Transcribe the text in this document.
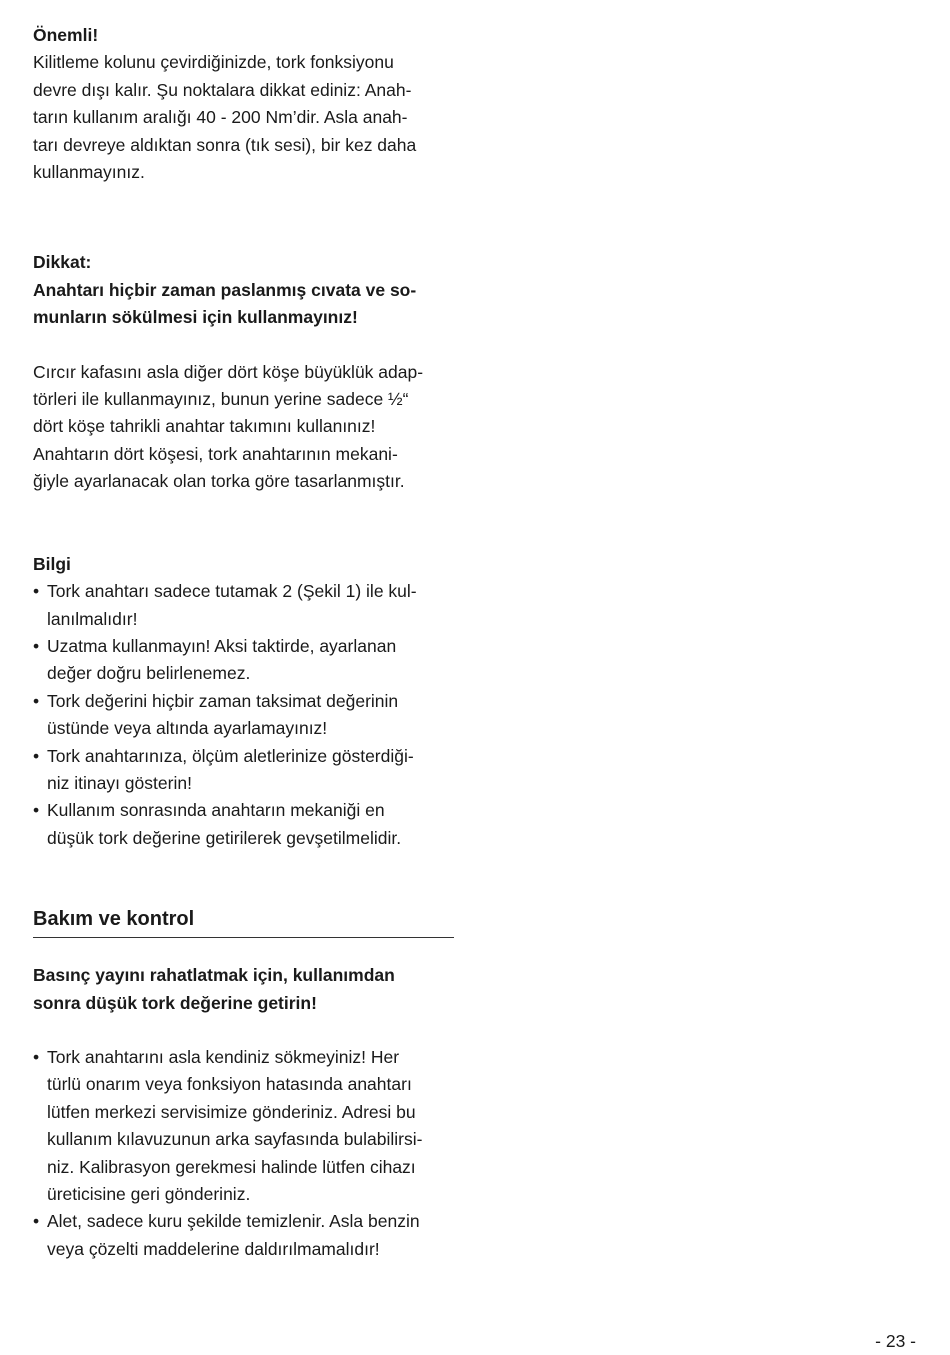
Önemli!
Kilitleme kolunu çevirdiğinizde, tork fonksiyonu
devre dışı kalır. Şu noktalara dikkat ediniz: Anah-
tarın kullanım aralığı 40 - 200 Nm’dir. Asla anah-
tarı devreye aldıktan sonra (tık sesi), bir kez daha
kullanmayınız.
Dikkat:
Anahtarı hiçbir zaman paslanmış cıvata ve so-
munların sökülmesi için kullanmayınız!
Cırcır kafasını asla diğer dört köşe büyüklük adap-
törleri ile kullanmayınız, bunun yerine sadece ½“
dört köşe tahrikli anahtar takımını kullanınız!
Anahtarın dört köşesi, tork anahtarının mekani-
ğiyle ayarlanacak olan torka göre tasarlanmıştır.
Bilgi
• Tork anahtarı sadece tutamak 2 (Şekil 1) ile kul-
lanılmalıdır!
• Uzatma kullanmayın! Aksi taktirde, ayarlanan
değer doğru belirlenemez.
• Tork değerini hiçbir zaman taksimat değerinin
üstünde veya altında ayarlamayınız!
• Tork anahtarınıza, ölçüm aletlerinize gösterdiği-
niz itinayı gösterin!
• Kullanım sonrasında anahtarın mekaniği en
düşük tork değerine getirilerek gevşetilmelidir.
Bakım ve kontrol
Basınç yayını rahatlatmak için, kullanımdan
sonra düşük tork değerine getirin!
• Tork anahtarını asla kendiniz sökmeyiniz! Her
türlü onarım veya fonksiyon hatasında anahtarı
lütfen merkezi servisimize gönderiniz. Adresi bu
kullanım kılavuzunun arka sayfasında bulabilirsi-
niz. Kalibrasyon gerekmesi halinde lütfen cihazı
üreticisine geri gönderiniz.
• Alet, sadece kuru şekilde temizlenir. Asla benzin
veya çözelti maddelerine daldırılmamalıdır!
- 23 -
